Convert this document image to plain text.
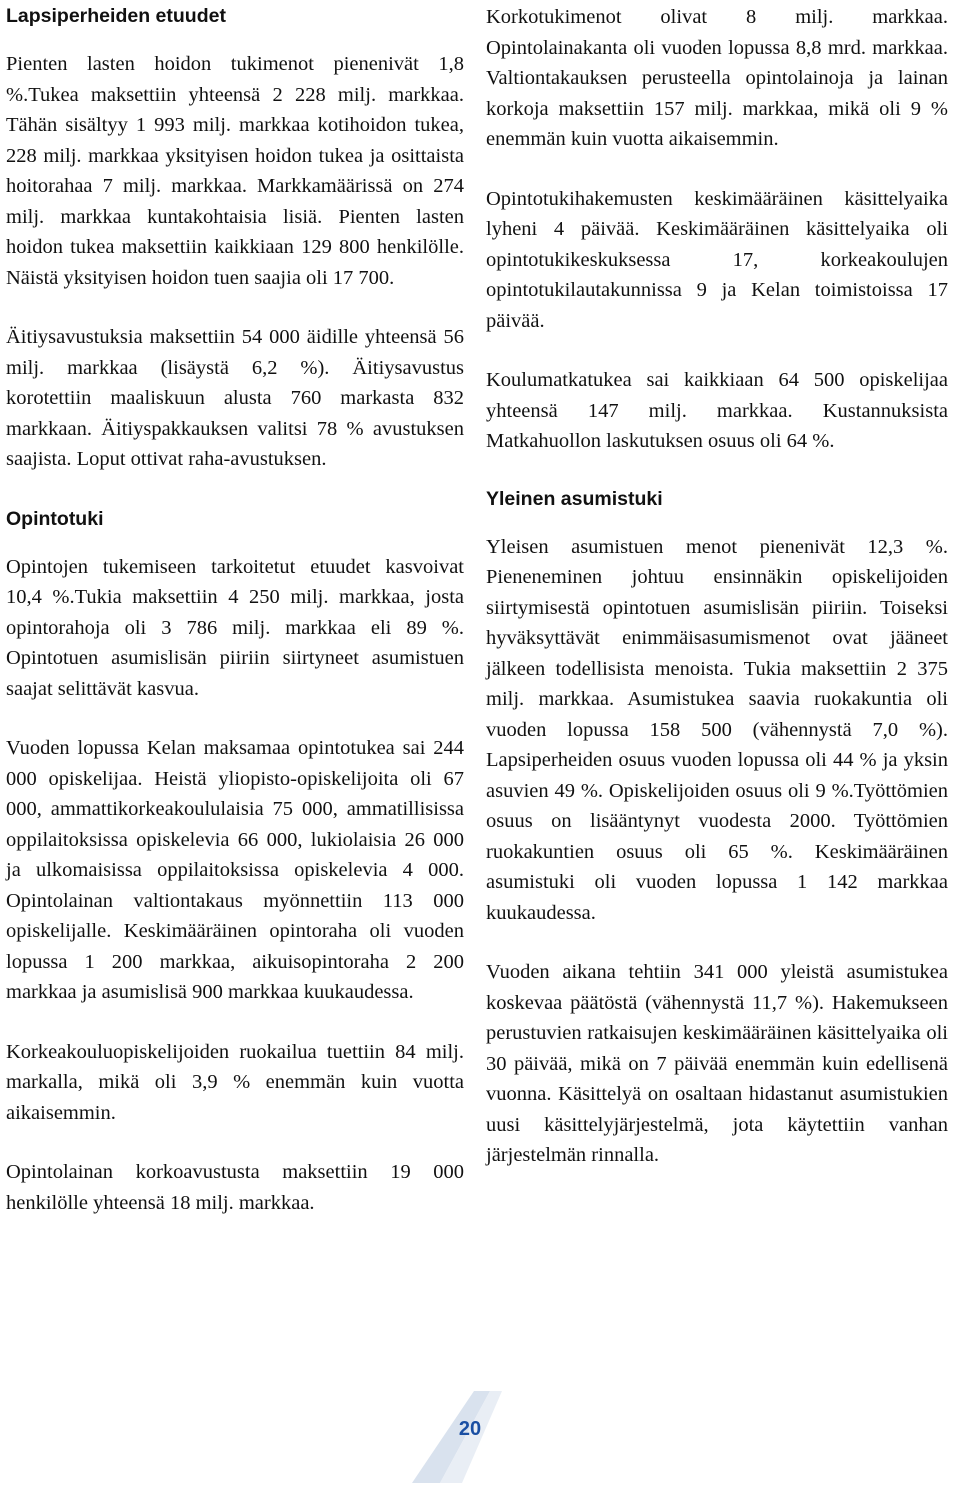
Lapsiperheiden etuudet

Pienten lasten hoidon tukimenot pienenivät 1,8 %.Tukea maksettiin yhteensä 2 228 milj. markkaa. Tähän sisältyy 1 993 milj. markkaa kotihoidon tukea, 228 milj. markkaa yksityisen hoidon tukea ja osittaista hoitorahaa 7 milj. markkaa. Markkamäärissä on 274 milj. markkaa kuntakohtaisia lisiä. Pienten lasten hoidon tukea maksettiin kaikkiaan 129 800 henkilölle. Näistä yksityisen hoidon tuen saajia oli 17 700.

Äitiysavustuksia maksettiin 54 000 äidille yhteensä 56 milj. markkaa (lisäystä 6,2 %). Äitiysavustus korotettiin maaliskuun alusta 760 markasta 832 markkaan. Äitiyspakkauksen valitsi 78 % avustuksen saajista. Loput ottivat raha-avustuksen.

Opintotuki

Opintojen tukemiseen tarkoitetut etuudet kasvoivat 10,4 %.Tukia maksettiin 4 250 milj. markkaa, josta opintorahoja oli 3 786 milj. markkaa eli 89 %. Opintotuen asumislisän piiriin siirtyneet asumistuen saajat selittävät kasvua.

Vuoden lopussa Kelan maksamaa opintotukea sai 244 000 opiskelijaa. Heistä yliopisto-opiskelijoita oli 67 000, ammattikorkeakoululaisia 75 000, ammatillisissa oppilaitoksissa opiskelevia 66 000, lukiolaisia 26 000 ja ulkomaisissa oppilaitoksissa opiskelevia 4 000. Opintolainan valtiontakaus myönnettiin 113 000 opiskelijalle. Keskimääräinen opintoraha oli vuoden lopussa 1 200 markkaa, aikuisopintoraha 2 200 markkaa ja asumislisä 900 markkaa kuukaudessa.

Korkeakouluopiskelijoiden ruokailua tuettiin 84 milj. markalla, mikä oli 3,9 % enemmän kuin vuotta aikaisemmin.

Opintolainan korkoavustusta maksettiin 19 000 henkilölle yhteensä 18 milj. markkaa.

Korkotukimenot olivat 8 milj. markkaa. Opintolainakanta oli vuoden lopussa 8,8 mrd. markkaa. Valtiontakauksen perusteella opintolainoja ja lainan korkoja maksettiin 157 milj. markkaa, mikä oli 9 % enemmän kuin vuotta aikaisemmin.

Opintotukihakemusten keskimääräinen käsittelyaika lyheni 4 päivää. Keskimääräinen käsittelyaika oli opintotukikeskuksessa 17, korkeakoulujen opintotukilautakunnissa 9 ja Kelan toimistoissa 17 päivää.

Koulumatkatukea sai kaikkiaan 64 500 opiskelijaa yhteensä 147 milj. markkaa. Kustannuksista Matkahuollon laskutuksen osuus oli 64 %.

Yleinen asumistuki

Yleisen asumistuen menot pienenivät 12,3 %. Pieneneminen johtuu ensinnäkin opiskelijoiden siirtymisestä opintotuen asumislisän piiriin. Toiseksi hyväksyttävät enimmäisasumismenot ovat jääneet jälkeen todellisista menoista. Tukia maksettiin 2 375 milj. markkaa. Asumistukea saavia ruokakuntia oli vuoden lopussa 158 500 (vähennystä 7,0 %). Lapsiperheiden osuus vuoden lopussa oli 44 % ja yksin asuvien 49 %. Opiskelijoiden osuus oli 9 %.Työttömien osuus on lisääntynyt vuodesta 2000. Työttömien ruokakuntien osuus oli 65 %. Keskimääräinen asumistuki oli vuoden lopussa 1 142 markkaa kuukaudessa.

Vuoden aikana tehtiin 341 000 yleistä asumistukea koskevaa päätöstä (vähennystä 11,7 %). Hakemukseen perustuvien ratkaisujen keskimääräinen käsittelyaika oli 30 päivää, mikä on 7 päivää enemmän kuin edellisenä vuonna. Käsittelyä on osaltaan hidastanut asumistukien uusi käsittelyjärjestelmä, jota käytettiin vanhan järjestelmän rinnalla.

20
